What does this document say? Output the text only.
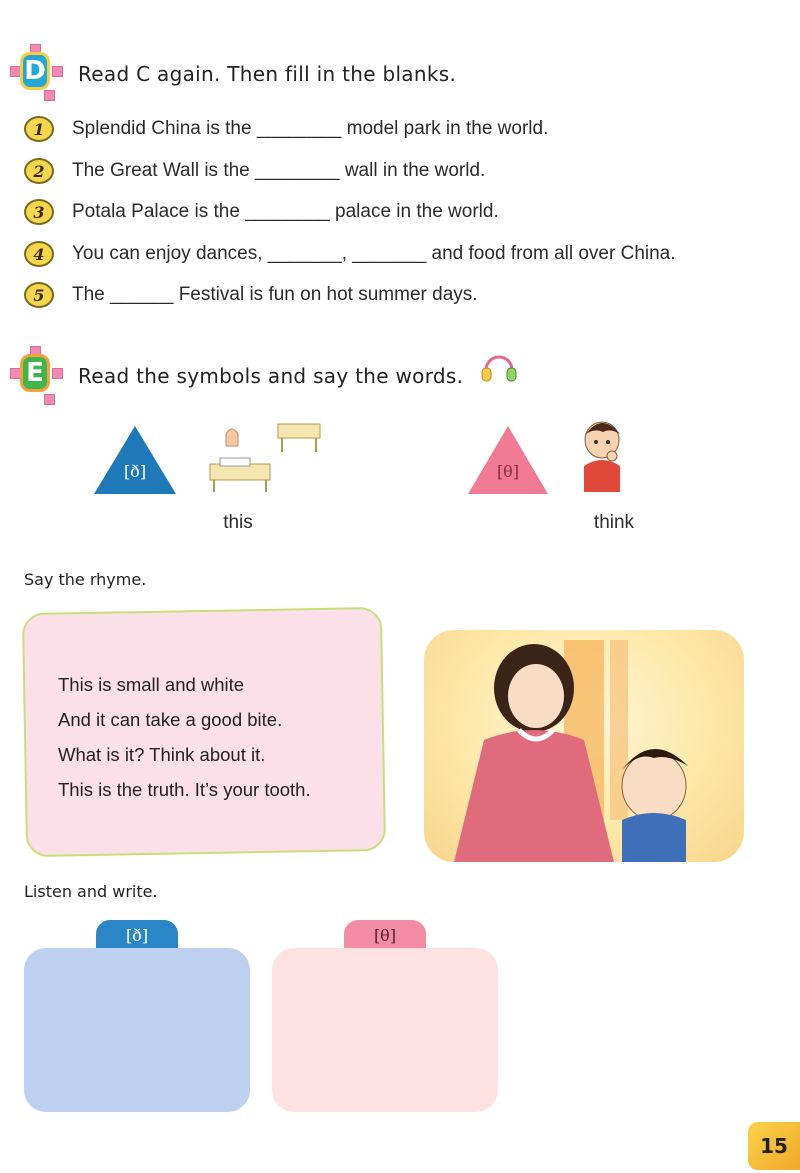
D Read C again. Then fill in the blanks.
1	Splendid China is the ________ model park in the world.
2	The Great Wall is the ________ wall in the world.
3	Potala Palace is the ________ palace in the world.
4	You can enjoy dances, _______, _______ and food from all over China.
5	The ______ Festival is fun on hot summer days.
E	Read the symbols and say the words.
[ð]
this
[θ]
think
Say the rhyme.
This is small and white
And it can take a good bite.
What is it? Think about it.
This is the truth. It’s your tooth.
Listen and write.
[ð]	[θ]
15
